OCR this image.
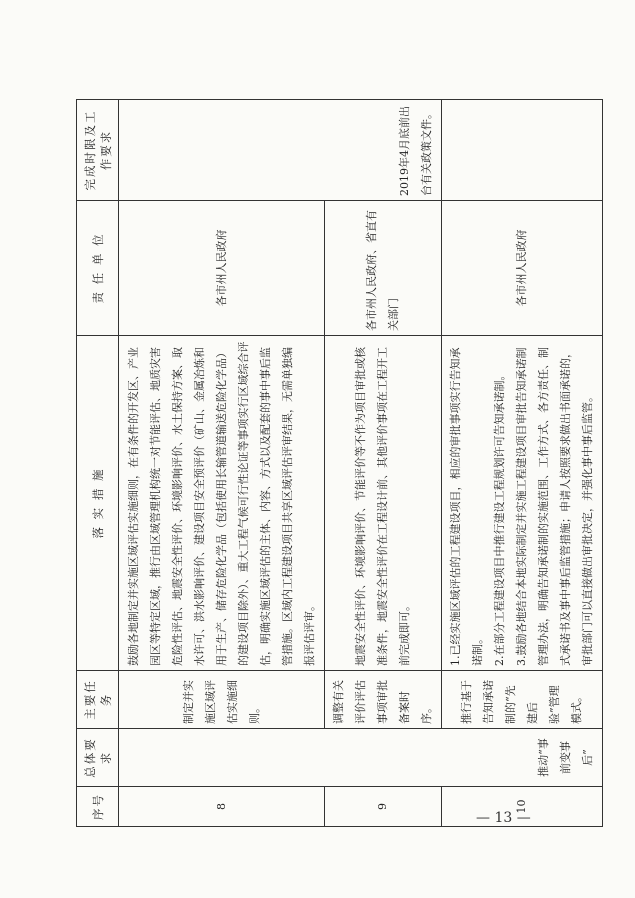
序号	总体要求	主要任务	落 实 措 施	责 任 单 位	完成时限及工作要求
8	推动“事前变事后”	制定并实施区域评估实施细则。	鼓励各地制定并实施区域评估实施细则，在有条件的开发区、产业园区等特定区域，推行由区域管理机构统一对节能评估、地质灾害危险性评估、地震安全性评价、环境影响评价、水土保持方案、取水许可、洪水影响评价、建设项目安全预评价（矿山、金属冶炼和用于生产、储存危险化学品（包括使用长输管道输送危险化学品）的建设项目除外）、重大工程气候可行性论证等事项实行区域综合评估，明确实施区域评估的主体、内容、方式以及配套的事中事后监管措施。区域内工程建设项目共享区域评估评审结果，无需单独编报评估评审。	各市州人民政府	2019年4月底前出台有关政策文件。
9		调整有关评价评估事项审批备案时序。	地震安全性评价、环境影响评价、节能评价等不作为项目审批或核准条件，地震安全性评价在工程设计前、其他评价事项在工程开工前完成即可。	各市州人民政府、省直有关部门	
10		推行基于告知承诺制的“先建后验”管理模式。	1.已经实施区域评估的工程建设项目，相应的审批事项实行告知承诺制。 2.在部分工程建设项目中推行建设工程规划许可告知承诺制。 3.鼓励各地结合本地实际制定并实施工程建设项目审批告知承诺制管理办法，明确告知承诺制的实施范围、工作方式、各方责任、制式承诺书及事中事后监管措施；申请人按照要求做出书面承诺的，审批部门可以直接做出审批决定，并强化事中事后监管。	各市州人民政府	
— 13 —
